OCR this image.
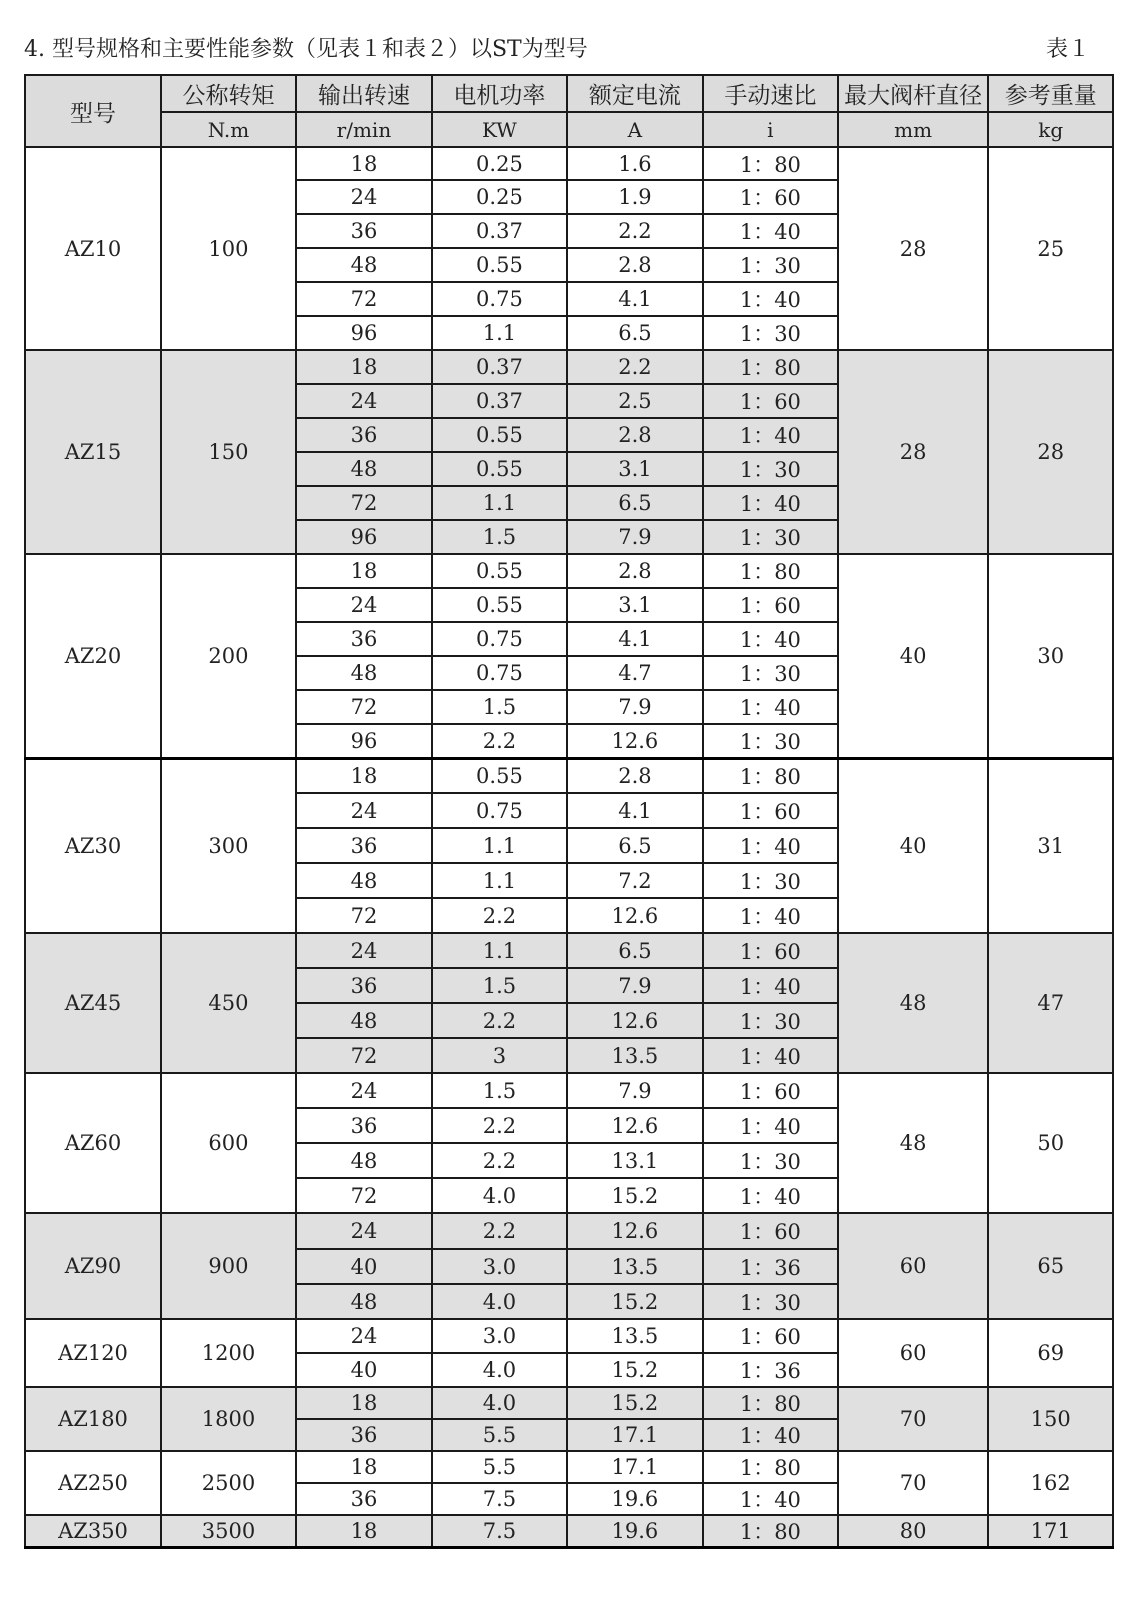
4. 型号规格和主要性能参数（见表１和表２）以ST为型号	表１
型号	公称转矩	输出转速	电机功率	额定电流	手动速比	最大阀杆直径	参考重量
	N.m	r/min	KW	A	i	mm	kg
AZ10	100	18	0.25	1.6	1：80	28	25
		24	0.25	1.9	1：60		
		36	0.37	2.2	1：40		
		48	0.55	2.8	1：30		
		72	0.75	4.1	1：40		
		96	1.1	6.5	1：30		
AZ15	150	18	0.37	2.2	1：80	28	28
		24	0.37	2.5	1：60		
		36	0.55	2.8	1：40		
		48	0.55	3.1	1：30		
		72	1.1	6.5	1：40		
		96	1.5	7.9	1：30		
AZ20	200	18	0.55	2.8	1：80	40	30
		24	0.55	3.1	1：60		
		36	0.75	4.1	1：40		
		48	0.75	4.7	1：30		
		72	1.5	7.9	1：40		
		96	2.2	12.6	1：30		
AZ30	300	18	0.55	2.8	1：80	40	31
		24	0.75	4.1	1：60		
		36	1.1	6.5	1：40		
		48	1.1	7.2	1：30		
		72	2.2	12.6	1：40		
AZ45	450	24	1.1	6.5	1：60	48	47
		36	1.5	7.9	1：40		
		48	2.2	12.6	1：30		
		72	3	13.5	1：40		
AZ60	600	24	1.5	7.9	1：60	48	50
		36	2.2	12.6	1：40		
		48	2.2	13.1	1：30		
		72	4.0	15.2	1：40		
AZ90	900	24	2.2	12.6	1：60	60	65
		40	3.0	13.5	1：36		
		48	4.0	15.2	1：30		
AZ120	1200	24	3.0	13.5	1：60	60	69
		40	4.0	15.2	1：36		
AZ180	1800	18	4.0	15.2	1：80	70	150
		36	5.5	17.1	1：40		
AZ250	2500	18	5.5	17.1	1：80	70	162
		36	7.5	19.6	1：40		
AZ350	3500	18	7.5	19.6	1：80	80	171
